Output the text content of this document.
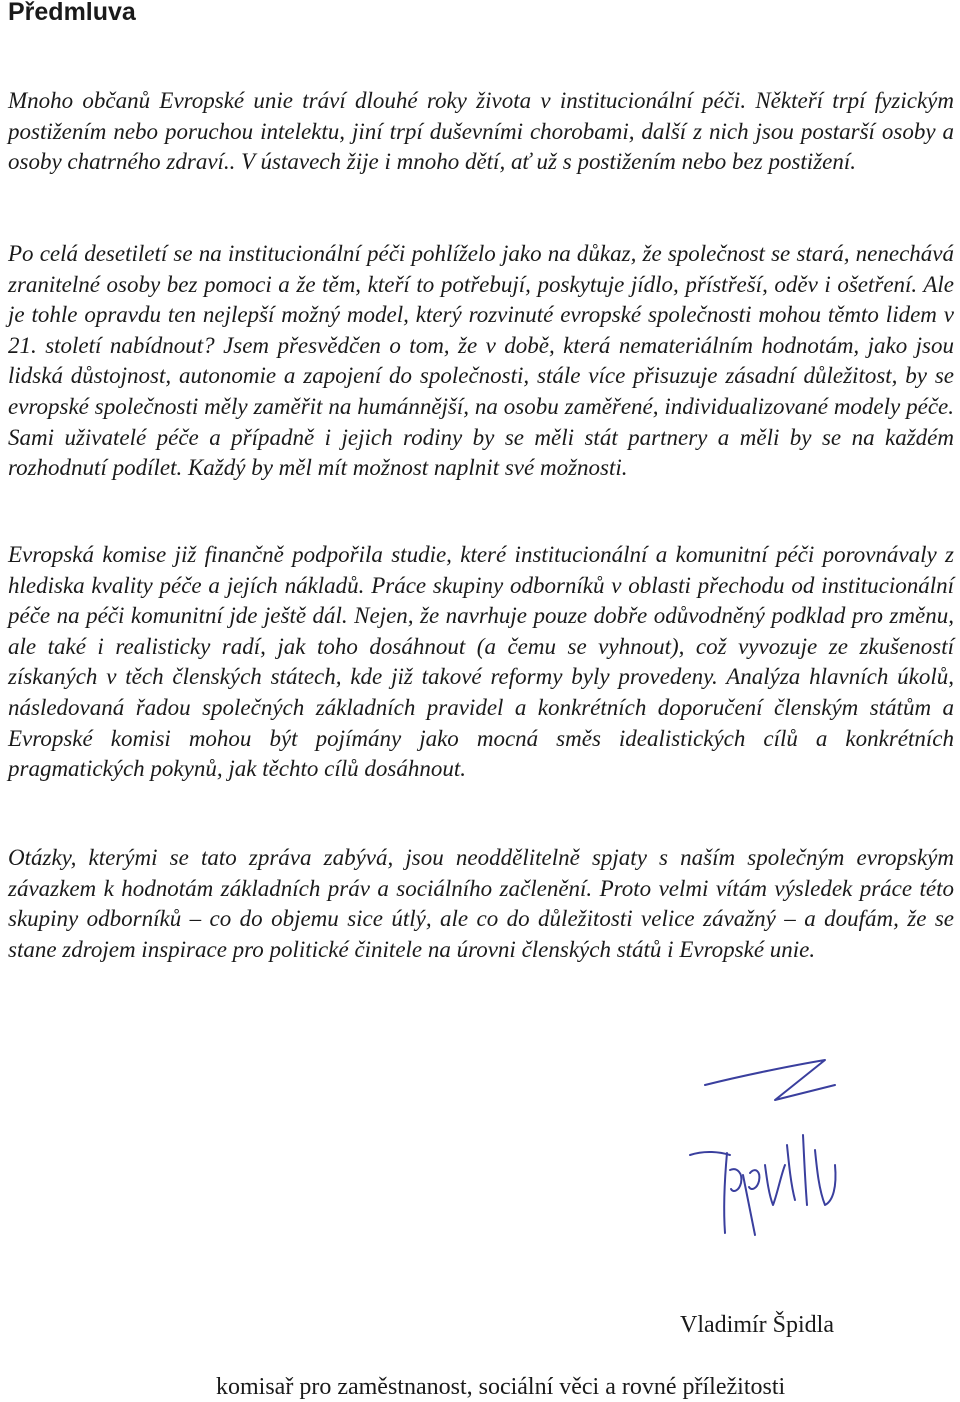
Předmluva

Mnoho občanů Evropské unie tráví dlouhé roky života v institucionální péči. Někteří trpí fyzickým postižením nebo poruchou intelektu, jiní trpí duševními chorobami, další z nich jsou postarší osoby a osoby chatrného zdraví.. V ústavech žije i mnoho dětí, ať už s postižením nebo bez postižení.

Po celá desetiletí se na institucionální péči pohlíželo jako na důkaz, že společnost se stará, nenechává zranitelné osoby bez pomoci a že těm, kteří to potřebují, poskytuje jídlo, přístřeší, oděv i ošetření. Ale je tohle opravdu ten nejlepší možný model, který rozvinuté evropské společnosti mohou těmto lidem v 21. století nabídnout? Jsem přesvědčen o tom, že v době, která nemateriálním hodnotám, jako jsou lidská důstojnost, autonomie a zapojení do společnosti, stále více přisuzuje zásadní důležitost, by se evropské společnosti měly zaměřit na humánnější, na osobu zaměřené, individualizované modely péče. Sami uživatelé péče a případně i jejich rodiny by se měli stát partnery a měli by se na každém rozhodnutí podílet. Každý by měl mít možnost naplnit své možnosti.

Evropská komise již finančně podpořila studie, které institucionální a komunitní péči porovnávaly z hlediska kvality péče a jejích nákladů. Práce skupiny odborníků v oblasti přechodu od institucionální péče na péči komunitní jde ještě dál. Nejen, že navrhuje pouze dobře odůvodněný podklad pro změnu, ale také i realisticky radí, jak toho dosáhnout (a čemu se vyhnout), což vyvozuje ze zkušeností získaných v těch členských státech, kde již takové reformy byly provedeny. Analýza hlavních úkolů, následovaná řadou společných základních pravidel a konkrétních doporučení členským státům a Evropské komisi mohou být pojímány jako mocná směs idealistických cílů a konkrétních pragmatických pokynů, jak těchto cílů dosáhnout.

Otázky, kterými se tato zpráva zabývá, jsou neoddělitelně spjaty s naším společným evropským závazkem k hodnotám základních práv a sociálního začlenění. Proto velmi vítám výsledek práce této skupiny odborníků – co do objemu sice útlý, ale co do důležitosti velice závažný – a doufám, že se stane zdrojem inspirace pro politické činitele na úrovni členských států i Evropské unie.

Vladimír Špidla

komisař pro zaměstnanost, sociální věci a rovné příležitosti
